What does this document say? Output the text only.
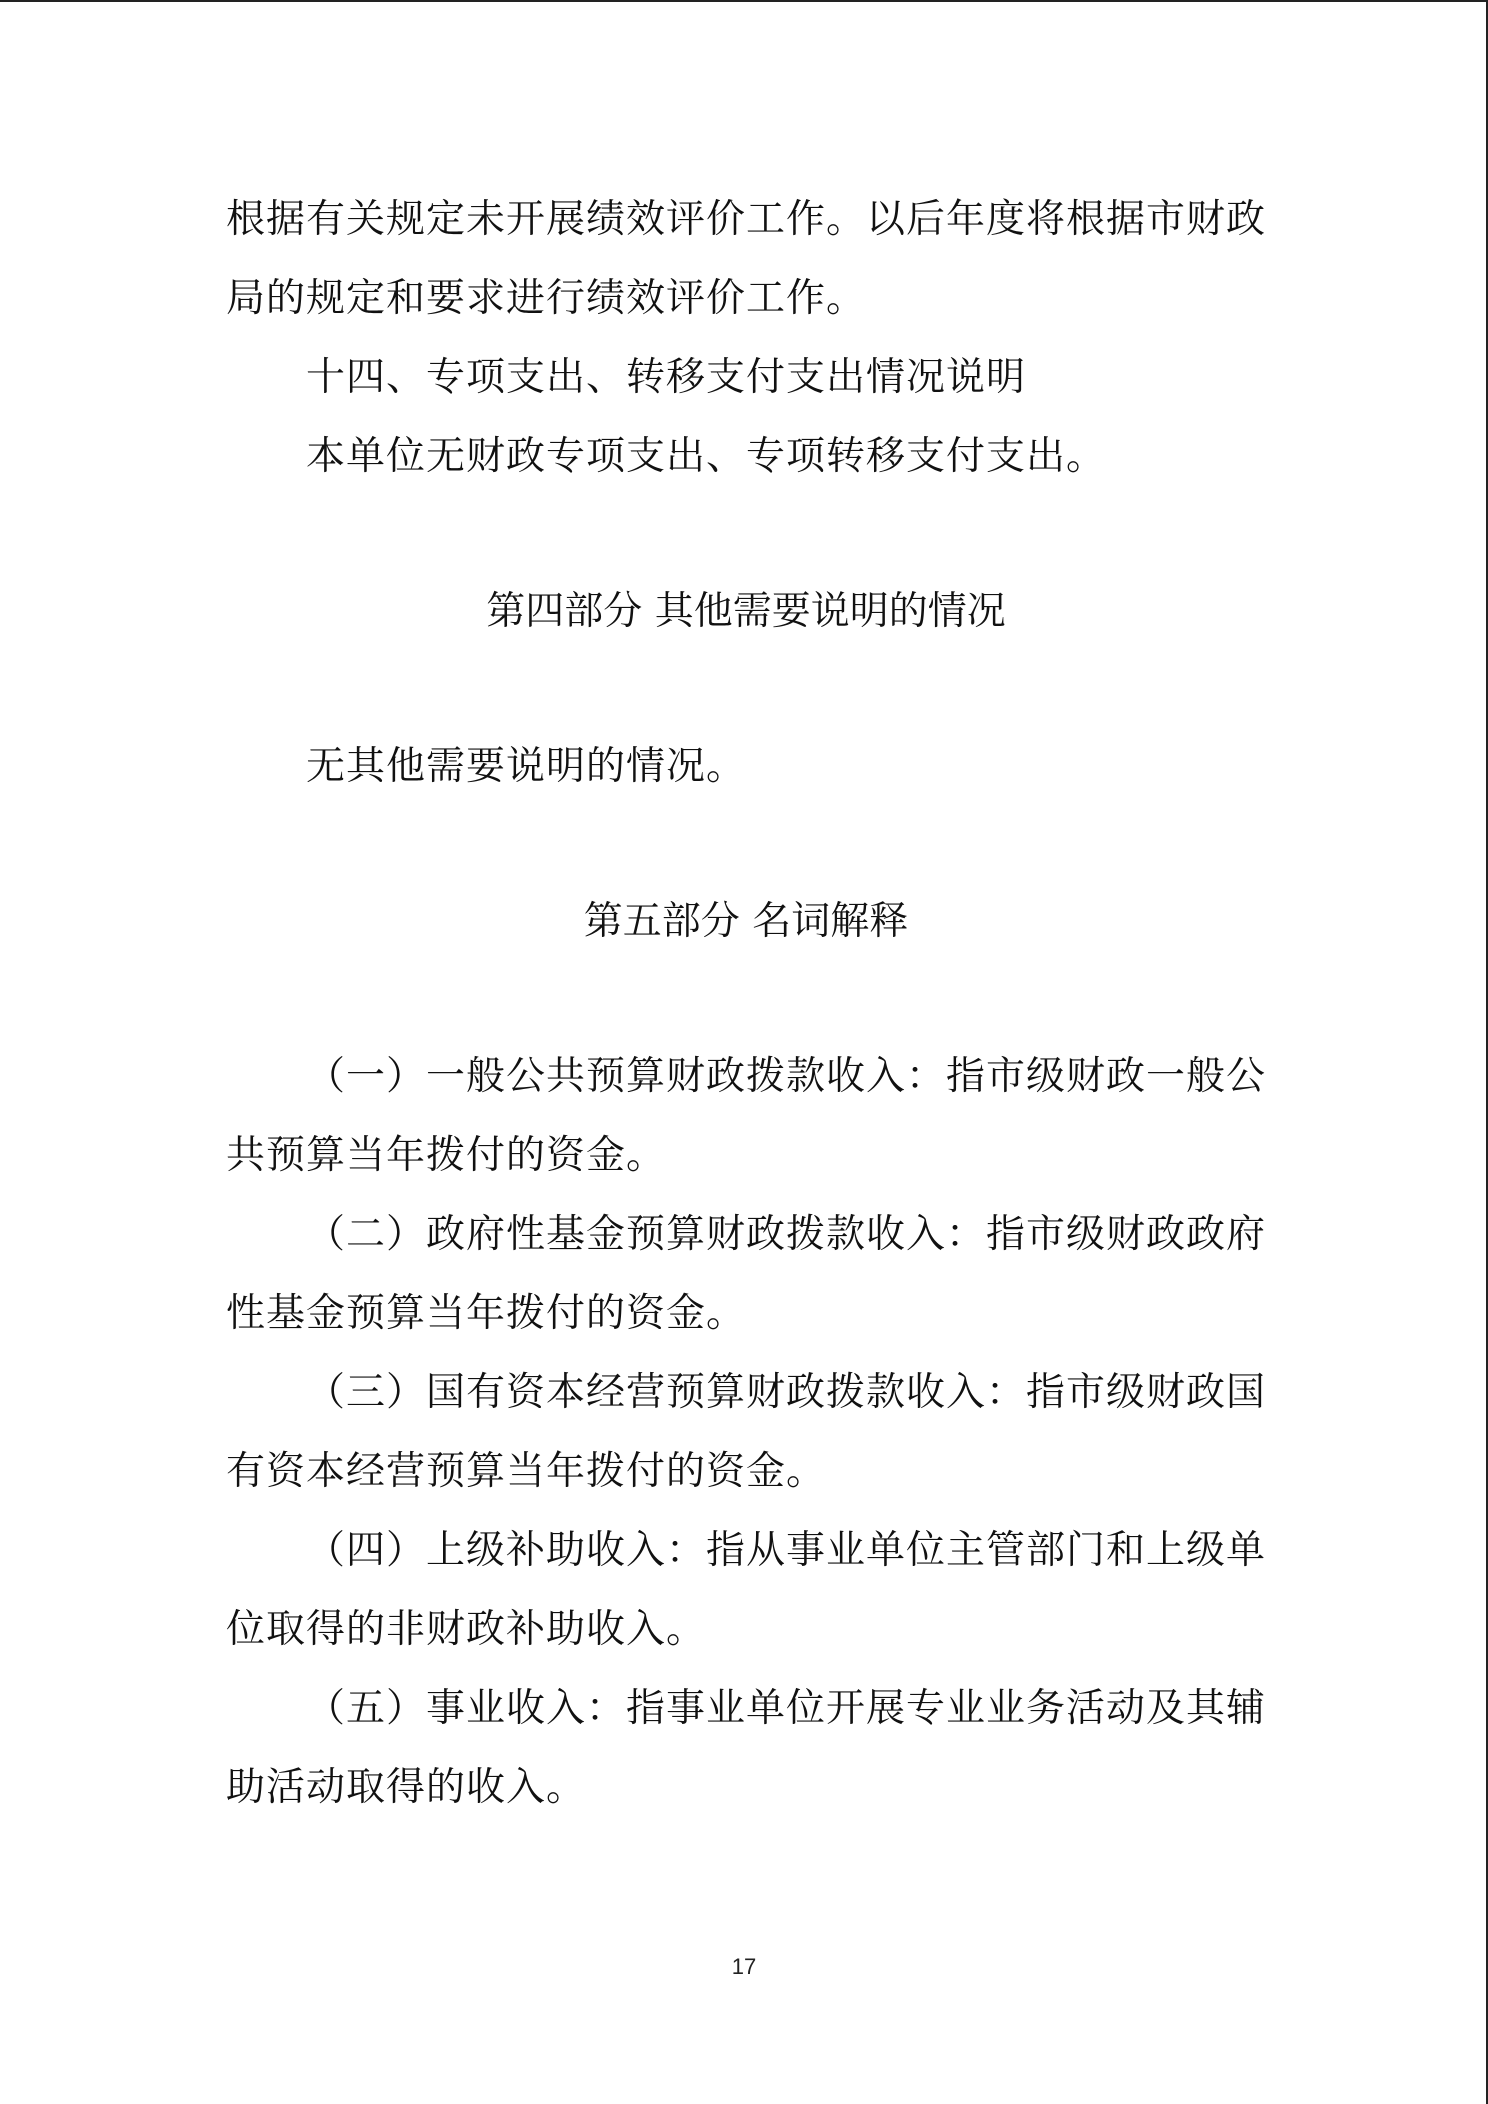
根据有关规定未开展绩效评价工作。以后年度将根据市财政
局的规定和要求进行绩效评价工作。
十四、专项支出、转移支付支出情况说明
本单位无财政专项支出、专项转移支付支出。
第四部分 其他需要说明的情况
无其他需要说明的情况。
第五部分 名词解释
（一）一般公共预算财政拨款收入：指市级财政一般公
共预算当年拨付的资金。
（二）政府性基金预算财政拨款收入：指市级财政政府
性基金预算当年拨付的资金。
（三）国有资本经营预算财政拨款收入：指市级财政国
有资本经营预算当年拨付的资金。
（四）上级补助收入：指从事业单位主管部门和上级单
位取得的非财政补助收入。
（五）事业收入：指事业单位开展专业业务活动及其辅
助活动取得的收入。
17
